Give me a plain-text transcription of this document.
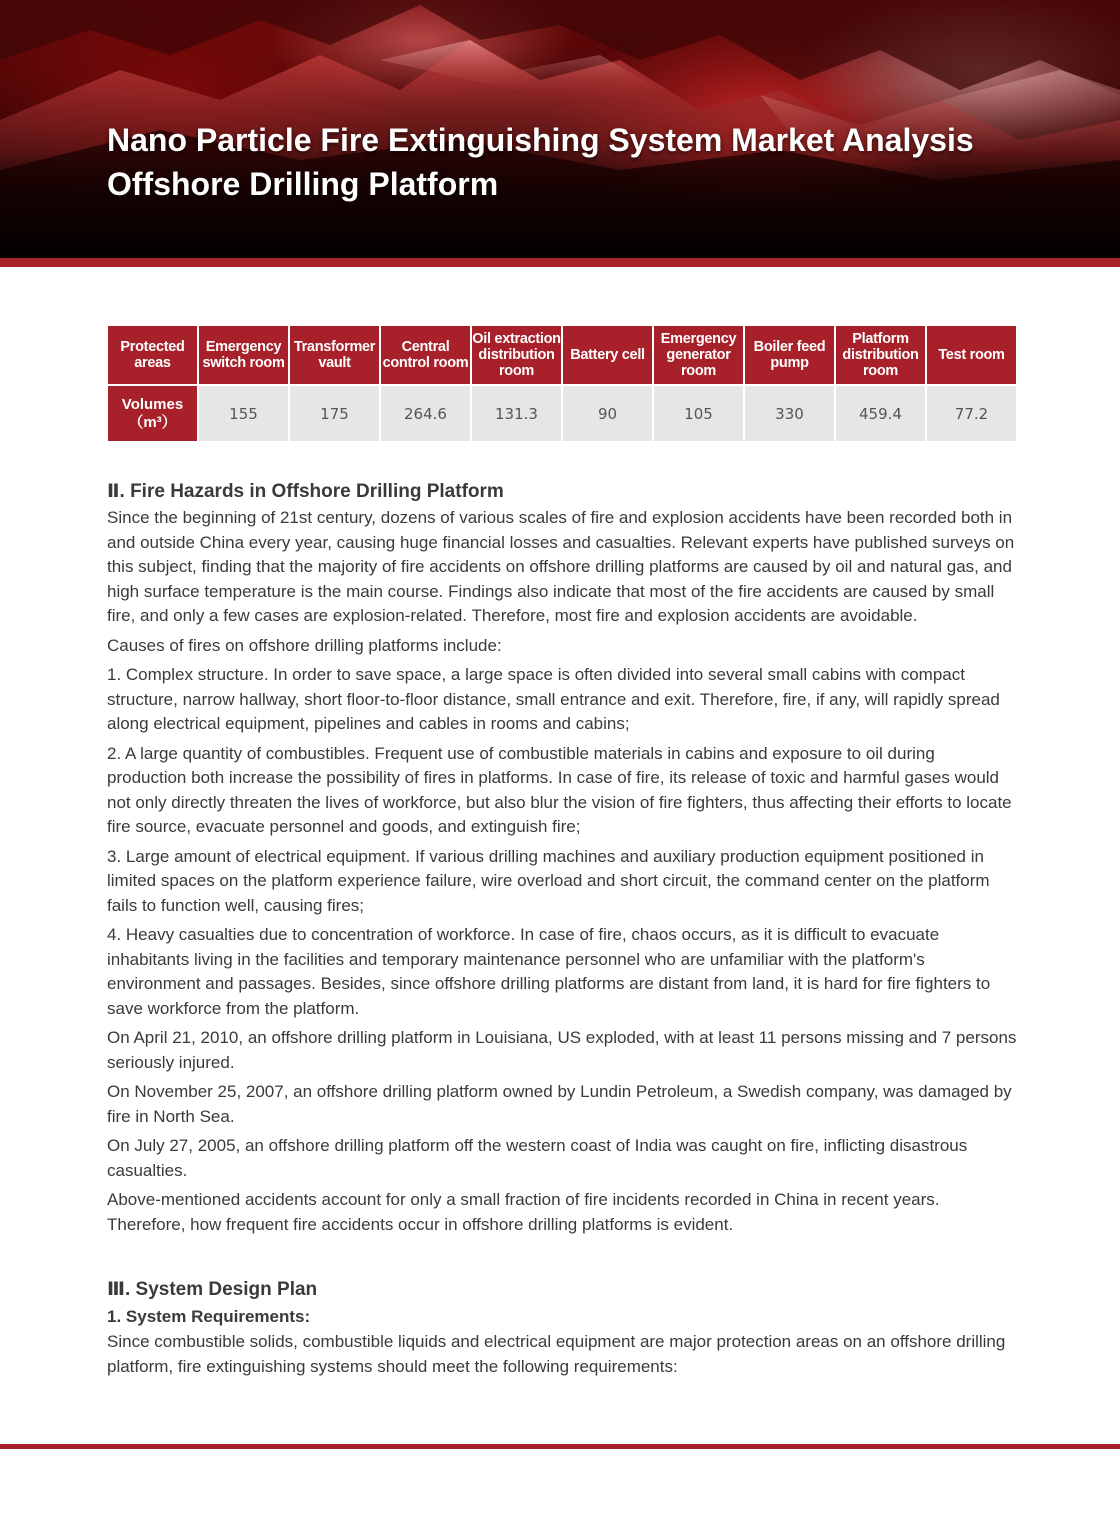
Nano Particle Fire Extinguishing System Market Analysis
Offshore Drilling Platform
Protected areas	Emergency switch room	Transformer vault	Central control room	Oil extraction distribution room	Battery cell	Emergency generator room	Boiler feed pump	Platform distribution room	Test room

Volumes
（m³）	155	175	264.6	131.3	90	105	330	459.4	77.2
Ⅱ. Fire Hazards in Offshore Drilling Platform

Since the beginning of 21st century, dozens of various scales of fire and explosion accidents have been recorded both in and outside China every year, causing huge financial losses and casualties. Relevant experts have published surveys on this subject, finding that the majority of fire accidents on offshore drilling platforms are caused by oil and natural gas, and high surface temperature is the main course. Findings also indicate that most of the fire accidents are caused by small fire, and only a few cases are explosion-related. Therefore, most fire and explosion accidents are avoidable.

Causes of fires on offshore drilling platforms include:

1. Complex structure. In order to save space, a large space is often divided into several small cabins with compact structure, narrow hallway, short floor-to-floor distance, small entrance and exit. Therefore, fire, if any, will rapidly spread along electrical equipment, pipelines and cables in rooms and cabins;

2. A large quantity of combustibles. Frequent use of combustible materials in cabins and exposure to oil during production both increase the possibility of fires in platforms. In case of fire, its release of toxic and harmful gases would not only directly threaten the lives of workforce, but also blur the vision of fire fighters, thus affecting their efforts to locate fire source, evacuate personnel and goods, and extinguish fire;

3. Large amount of electrical equipment. If various drilling machines and auxiliary production equipment positioned in limited spaces on the platform experience failure, wire overload and short circuit, the command center on the platform fails to function well, causing fires;

4. Heavy casualties due to concentration of workforce. In case of fire, chaos occurs, as it is difficult to evacuate inhabitants living in the facilities and temporary maintenance personnel who are unfamiliar with the platform's environment and passages. Besides, since offshore drilling platforms are distant from land, it is hard for fire fighters to save workforce from the platform.

On April 21, 2010, an offshore drilling platform in Louisiana, US exploded, with at least 11 persons missing and 7 persons seriously injured.

On November 25, 2007, an offshore drilling platform owned by Lundin Petroleum, a Swedish company, was damaged by fire in North Sea.

On July 27, 2005, an offshore drilling platform off the western coast of India was caught on fire, inflicting disastrous casualties.

Above-mentioned accidents account for only a small fraction of fire incidents recorded in China in recent years. Therefore, how frequent fire accidents occur in offshore drilling platforms is evident.

Ⅲ. System Design Plan
1. System Requirements:

Since combustible solids, combustible liquids and electrical equipment are major protection areas on an offshore drilling platform, fire extinguishing systems should meet the following requirements:
